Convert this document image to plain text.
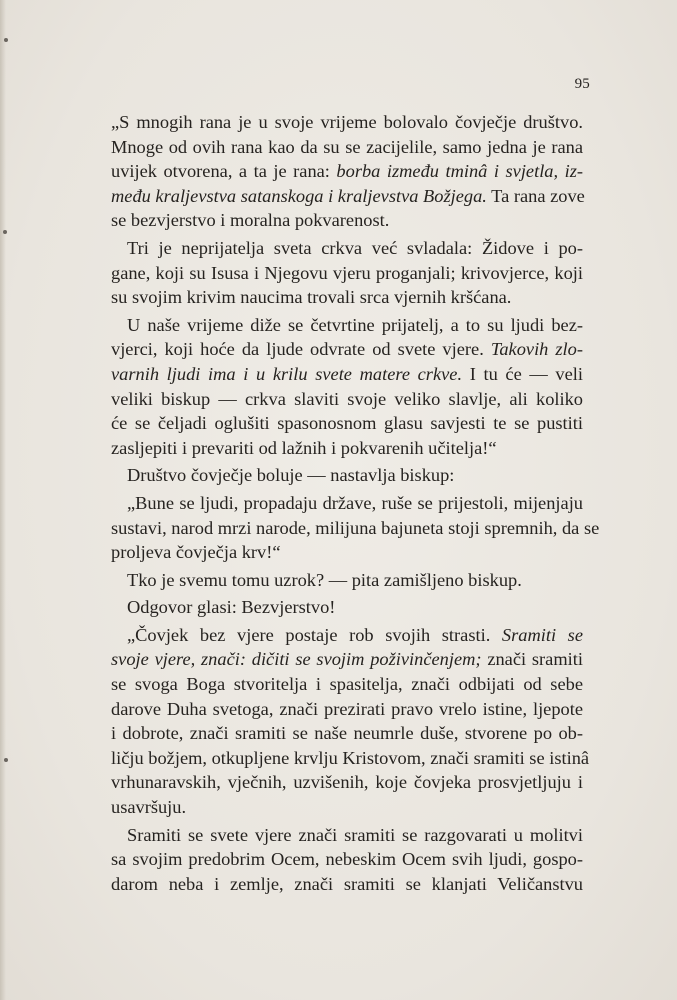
95
„S mnogih rana je u svoje vrijeme bolovalo čovječje društvo.
Mnoge od ovih rana kao da su se zacijelile, samo jedna je rana
uvijek otvorena, a ta je rana: borba između tminâ i svjetla, iz-
među kraljevstva satanskoga i kraljevstva Božjega. Ta rana zove
se bezvjerstvo i moralna pokvarenost.
Tri je neprijatelja sveta crkva već svladala: Židove i po-
gane, koji su Isusa i Njegovu vjeru proganjali; krivovjerce, koji
su svojim krivim naucima trovali srca vjernih kršćana.
U naše vrijeme diže se četvrtine prijatelj, a to su ljudi bez-
vjerci, koji hoće da ljude odvrate od svete vjere. Takovih zlo-
varnih ljudi ima i u krilu svete matere crkve. I tu će — veli
veliki biskup — crkva slaviti svoje veliko slavlje, ali koliko
će se čeljadi oglušiti spasonosnom glasu savjesti te se pustiti
zasljepiti i prevariti od lažnih i pokvarenih učitelja!“
Društvo čovječje boluje — nastavlja biskup:
„Bune se ljudi, propadaju države, ruše se prijestoli, mijenjaju
sustavi, narod mrzi narode, milijuna bajuneta stoji spremnih, da se
proljeva čovječja krv!“
Tko je svemu tomu uzrok? — pita zamišljeno biskup.
Odgovor glasi: Bezvjerstvo!
„Čovjek bez vjere postaje rob svojih strasti. Sramiti se
svoje vjere, znači: dičiti se svojim poživinčenjem; znači sramiti
se svoga Boga stvoritelja i spasitelja, znači odbijati od sebe
darove Duha svetoga, znači prezirati pravo vrelo istine, ljepote
i dobrote, znači sramiti se naše neumrle duše, stvorene po ob-
ličju božjem, otkupljene krvlju Kristovom, znači sramiti se istinâ
vrhunaravskih, vječnih, uzvišenih, koje čovjeka prosvjetljuju i
usavršuju.
Sramiti se svete vjere znači sramiti se razgovarati u molitvi
sa svojim predobrim Ocem, nebeskim Ocem svih ljudi, gospo-
darom neba i zemlje, znači sramiti se klanjati Veličanstvu
